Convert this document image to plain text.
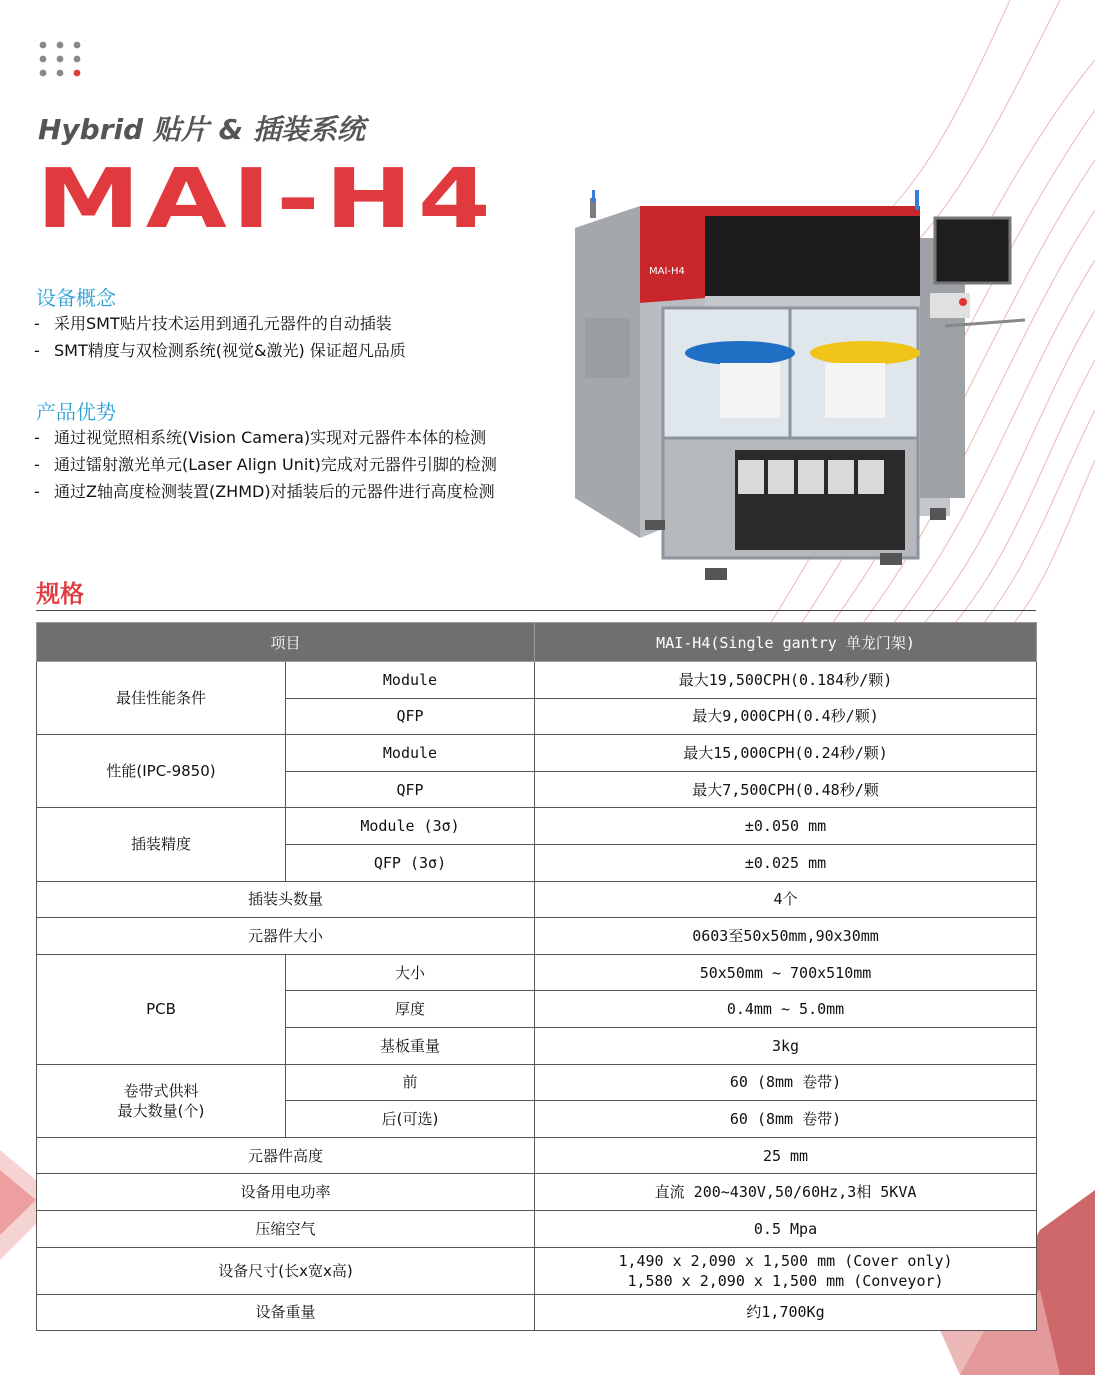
Hybrid 贴片 & 插装系统
MAI-H4
设备概念
- 采用SMT贴片技术运用到通孔元器件的自动插装
- SMT精度与双检测系统(视觉&激光) 保证超凡品质
产品优势
- 通过视觉照相系统(Vision Camera)实现对元器件本体的检测
- 通过镭射激光单元(Laser Align Unit)完成对元器件引脚的检测
- 通过Z轴高度检测装置(ZHMD)对插装后的元器件进行高度检测
MAI-H4
规格
项目		MAI-H4(Single gantry 单龙门架)
最佳性能条件	Module	最大19,500CPH(0.184秒/颗)
	QFP	最大9,000CPH(0.4秒/颗)
性能(IPC-9850)	Module	最大15,000CPH(0.24秒/颗)
	QFP	最大7,500CPH(0.48秒/颗
插装精度	Module (3σ)	±0.050 mm
	QFP (3σ)	±0.025 mm
插装头数量		4个
元器件大小		0603至50x50mm,90x30mm
PCB	大小	50x50mm ~ 700x510mm
	厚度	0.4mm ~ 5.0mm
	基板重量	3kg

卷带式供料
最大数量(个)	前	60 (8mm 卷带)
	后(可选)	60 (8mm 卷带)
元器件高度		25 mm
设备用电功率		直流 200~430V,50/60Hz,3相 5KVA
压缩空气		0.5 Mpa
设备尺寸(长x宽x高)		1,490 x 2,090 x 1,500 mm (Cover only)
1,580 x 2,090 x 1,500 mm (Conveyor)

设备重量		约1,700Kg
